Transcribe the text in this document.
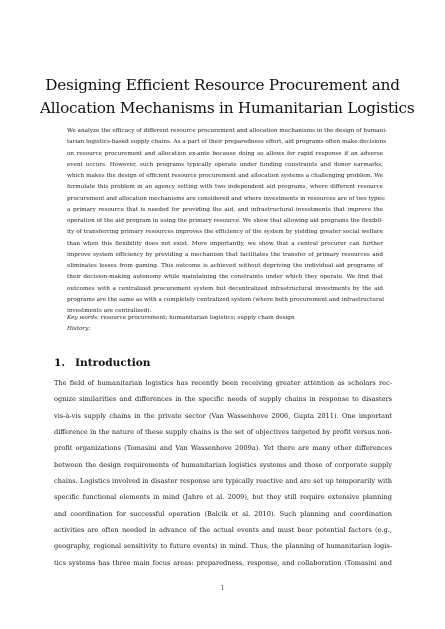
Designing Efficient Resource Procurement and
Allocation Mechanisms in Humanitarian Logistics
We analyze the efficacy of different resource procurement and allocation mechanisms in the design of humani-
tarian logistics-based supply chains. As a part of their preparedness effort, aid programs often make decisions
on resource procurement and allocation ex-ante because doing so allows for rapid response if an adverse
event occurs. However, such programs typically operate under funding constraints and donor earmarks,
which makes the design of efficient resource procurement and allocation systems a challenging problem. We
formulate this problem in an agency setting with two independent aid programs, where different resource
procurement and allocation mechanisms are considered and where investments in resources are of two types:
a primary resource that is needed for providing the aid, and infrastructural investments that improve the
operation of the aid program in using the primary resource. We show that allowing aid programs the flexibil-
ity of transferring primary resources improves the efficiency of the system by yielding greater social welfare
than when this flexibility does not exist. More importantly, we show that a central procurer can further
improve system efficiency by providing a mechanism that facilitates the transfer of primary resources and
eliminates losses from gaming. This outcome is achieved without depriving the individual aid programs of
their decision-making autonomy while maintaining the constraints under which they operate. We find that
outcomes with a centralized procurement system but decentralized infrastructural investments by the aid
programs are the same as with a completely centralized system (where both procurement and infrastructural
investments are centralized).
Key words: resource procurement; humanitarian logistics; supply chain design
History:
1. Introduction
The field of humanitarian logistics has recently been receiving greater attention as scholars rec-
ognize similarities and differences in the specific needs of supply chains in response to disasters
vis-à-vis supply chains in the private sector (Van Wassenhove 2006, Gupta 2011). One important
difference in the nature of these supply chains is the set of objectives targeted by profit versus non-
profit organizations (Tomasini and Van Wassenhove 2009a). Yet there are many other differences
between the design requirements of humanitarian logistics systems and those of corporate supply
chains. Logistics involved in disaster response are typically reactive and are set up temporarily with
specific functional elements in mind (Jahre et al. 2009), but they still require extensive planning
and coordination for successful operation (Balcik et al. 2010). Such planning and coordination
activities are often needed in advance of the actual events and must bear potential factors (e.g.,
geography, regional sensitivity to future events) in mind. Thus, the planning of humanitarian logis-
tics systems has three main focus areas: preparedness, response, and collaboration (Tomasini and
1
